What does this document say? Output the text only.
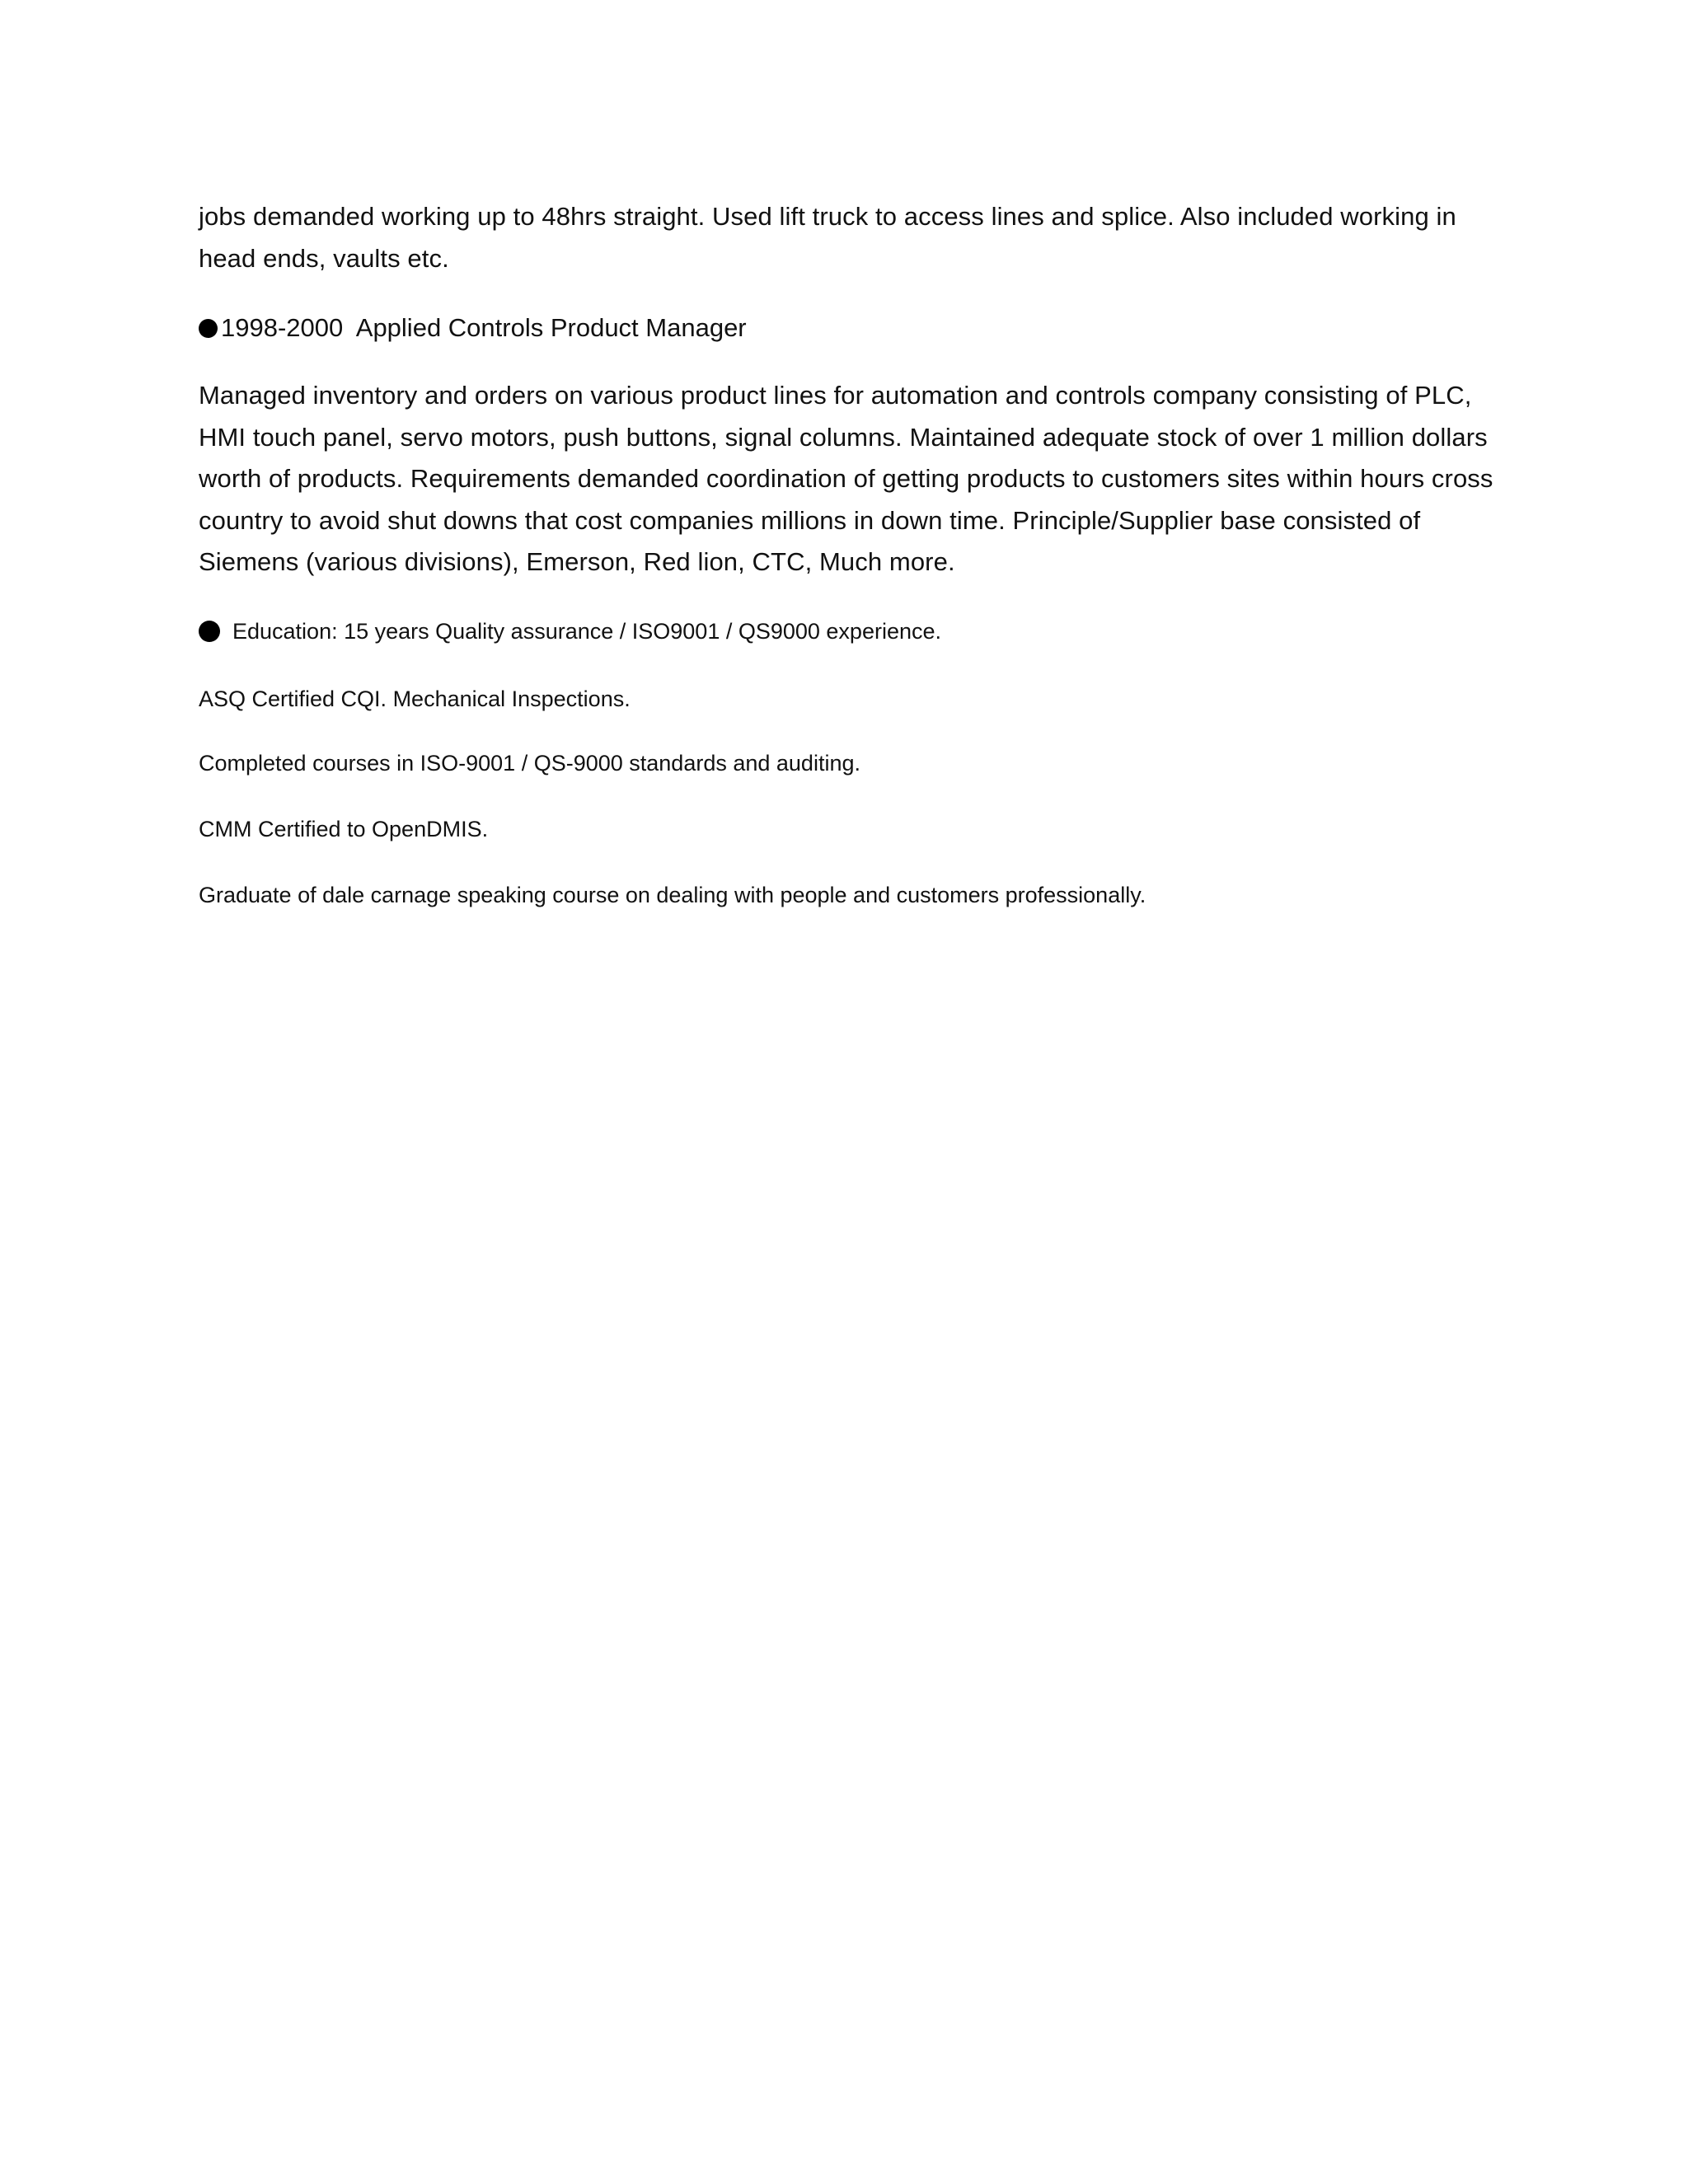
jobs demanded working up to 48hrs straight. Used lift truck to access lines and splice. Also included working in head ends, vaults etc.

1998-2000  Applied Controls Product Manager

Managed inventory and orders on various product lines for automation and controls company consisting of PLC, HMI touch panel, servo motors, push buttons, signal columns. Maintained adequate stock of over 1 million dollars worth of products. Requirements demanded coordination of getting products to customers sites within hours cross country to avoid shut downs that cost companies millions in down time. Principle/Supplier base consisted of Siemens (various divisions), Emerson, Red lion, CTC, Much more.

Education: 15 years Quality assurance / ISO9001 / QS9000 experience.

ASQ Certified CQI. Mechanical Inspections.

Completed courses in ISO-9001 / QS-9000 standards and auditing.

CMM Certified to OpenDMIS.

Graduate of dale carnage speaking course on dealing with people and customers professionally.
